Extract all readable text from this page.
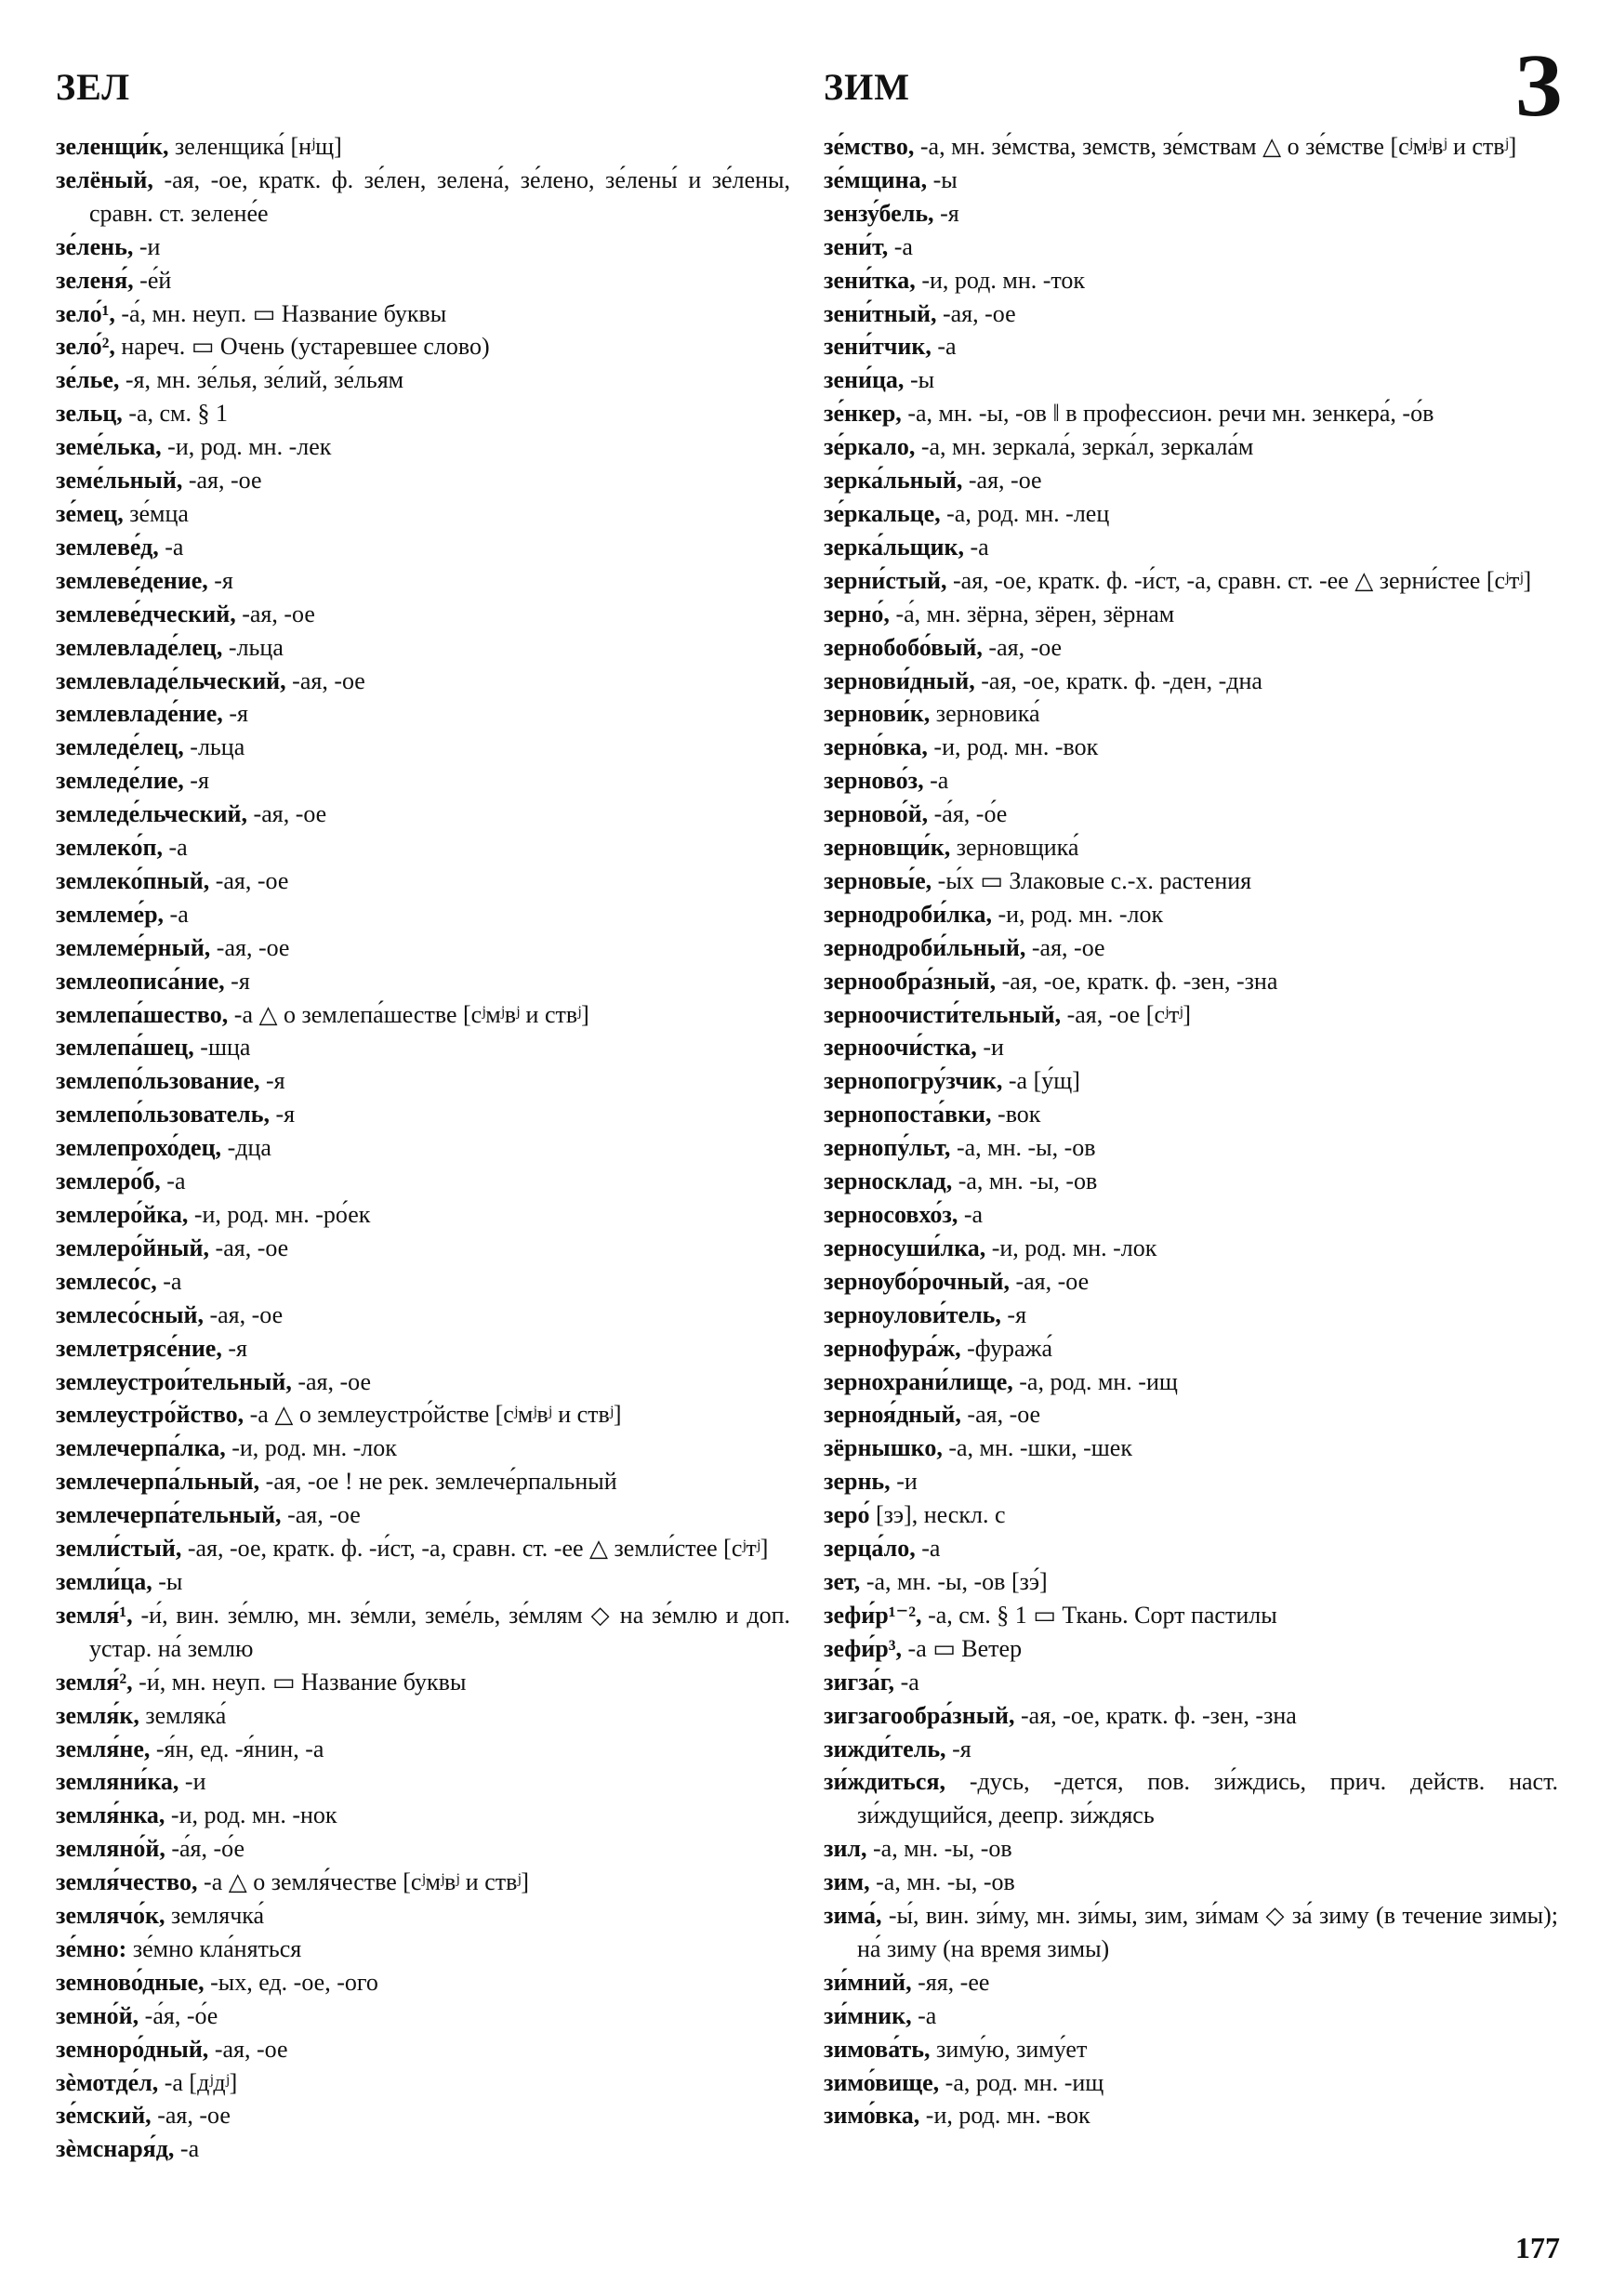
ЗЕЛ	ЗИМ	З
зеленщи́к, зеленщика́ [нʲщ]
зелёный, -ая, -ое, кратк. ф. зе́лен, зелена́, зе́лено, зе́лены́ и зе́лены, сравн. ст. зелене́е
зе́лень, -и
зеленя́, -е́й
зело́¹, -а́, мн. неуп. ▭ Название буквы
зело́², нареч. ▭ Очень (устаревшее слово)
зе́лье, -я, мн. зе́лья, зе́лий, зе́льям
зельц, -а, см. § 1
земе́лька, -и, род. мн. -лек
земе́льный, -ая, -ое
зе́мец, зе́мца
землеве́д, -а
землеве́дение, -я
землеве́дческий, -ая, -ое
землевладе́лец, -льца
землевладе́льческий, -ая, -ое
землевладе́ние, -я
земледе́лец, -льца
земледе́лие, -я
земледе́льческий, -ая, -ое
землеко́п, -а
землеко́пный, -ая, -ое
землеме́р, -а
землеме́рный, -ая, -ое
землеописа́ние, -я
землепа́шество, -а △ о землепа́шестве [сʲмʲвʲ и ствʲ]
землепа́шец, -шца
землепо́льзование, -я
землепо́льзователь, -я
землепрохо́дец, -дца
землеро́б, -а
землеро́йка, -и, род. мн. -ро́ек
землеро́йный, -ая, -ое
землесо́с, -а
землесо́сный, -ая, -ое
землетрясе́ние, -я
землеустрои́тельный, -ая, -ое
землеустро́йство, -а △ о землеустро́йстве [сʲмʲвʲ и ствʲ]
землечерпа́лка, -и, род. мн. -лок
землечерпа́льный, -ая, -ое ! не рек. землече́рпальный
землечерпа́тельный, -ая, -ое
земли́стый, -ая, -ое, кратк. ф. -и́ст, -а, сравн. ст. -ее △ земли́стее [сʲтʲ]
земли́ца, -ы
земля́¹, -и́, вин. зе́млю, мн. зе́мли, земе́ль, зе́млям ◇ на зе́млю и доп. устар. на́ землю
земля́², -и́, мн. неуп. ▭ Название буквы
земля́к, земляка́
земля́не, -я́н, ед. -я́нин, -а
земляни́ка, -и
земля́нка, -и, род. мн. -нок
земляно́й, -а́я, -о́е
земля́чество, -а △ о земля́честве [сʲмʲвʲ и ствʲ]
землячо́к, землячка́
зе́мно: зе́мно кла́няться
земново́дные, -ых, ед. -ое, -ого
земно́й, -а́я, -о́е
земноро́дный, -ая, -ое
зѐмотде́л, -а [дʲдʲ]
зе́мский, -ая, -ое
зѐмснаря́д, -а
зе́мство, -а, мн. зе́мства, земств, зе́мствам △ о зе́мстве [сʲмʲвʲ и ствʲ]
зе́мщина, -ы
зензу́бель, -я
зени́т, -а
зени́тка, -и, род. мн. -ток
зени́тный, -ая, -ое
зени́тчик, -а
зени́ца, -ы
зе́нкер, -а, мн. -ы, -ов ‖ в профессион. речи мн. зенкера́, -о́в
зе́ркало, -а, мн. зеркала́, зерка́л, зеркала́м
зерка́льный, -ая, -ое
зе́ркальце, -а, род. мн. -лец
зерка́льщик, -а
зерни́стый, -ая, -ое, кратк. ф. -и́ст, -а, сравн. ст. -ее △ зерни́стее [сʲтʲ]
зерно́, -а́, мн. зёрна, зёрен, зёрнам
зернобобо́вый, -ая, -ое
зернови́дный, -ая, -ое, кратк. ф. -ден, -дна
зернови́к, зерновика́
зерно́вка, -и, род. мн. -вок
зерново́з, -а
зерново́й, -а́я, -о́е
зерновщи́к, зерновщика́
зерновы́е, -ы́х ▭ Злаковые с.-х. растения
зернодроби́лка, -и, род. мн. -лок
зернодроби́льный, -ая, -ое
зернообра́зный, -ая, -ое, кратк. ф. -зен, -зна
зерноочисти́тельный, -ая, -ое [сʲтʲ]
зерноочи́стка, -и
зернопогру́зчик, -а [у́щ]
зернопоста́вки, -вок
зернопу́льт, -а, мн. -ы, -ов
зерносклад, -а, мн. -ы, -ов
зерносовхо́з, -а
зерносуши́лка, -и, род. мн. -лок
зерноубо́рочный, -ая, -ое
зерноулови́тель, -я
зернофура́ж, -фуража́
зернохрани́лище, -а, род. мн. -ищ
зерноя́дный, -ая, -ое
зёрнышко, -а, мн. -шки, -шек
зернь, -и
зеро́ [зэ], нескл. с
зерца́ло, -а
зет, -а, мн. -ы, -ов [зэ́]
зефи́р¹⁻², -а, см. § 1 ▭ Ткань. Сорт пастилы
зефи́р³, -а ▭ Ветер
зигза́г, -а
зигзагообра́зный, -ая, -ое, кратк. ф. -зен, -зна
зижди́тель, -я
зи́ждиться, -дусь, -дется, пов. зи́ждись, прич. действ. наст. зи́ждущийся, деепр. зи́ждясь
зил, -а, мн. -ы, -ов
зим, -а, мн. -ы, -ов
зима́, -ы́, вин. зи́му, мн. зи́мы, зим, зи́мам ◇ за́ зиму (в течение зимы); на́ зиму (на время зимы)
зи́мний, -яя, -ее
зи́мник, -а
зимова́ть, зиму́ю, зиму́ет
зимо́вище, -а, род. мн. -ищ
зимо́вка, -и, род. мн. -вок
177
